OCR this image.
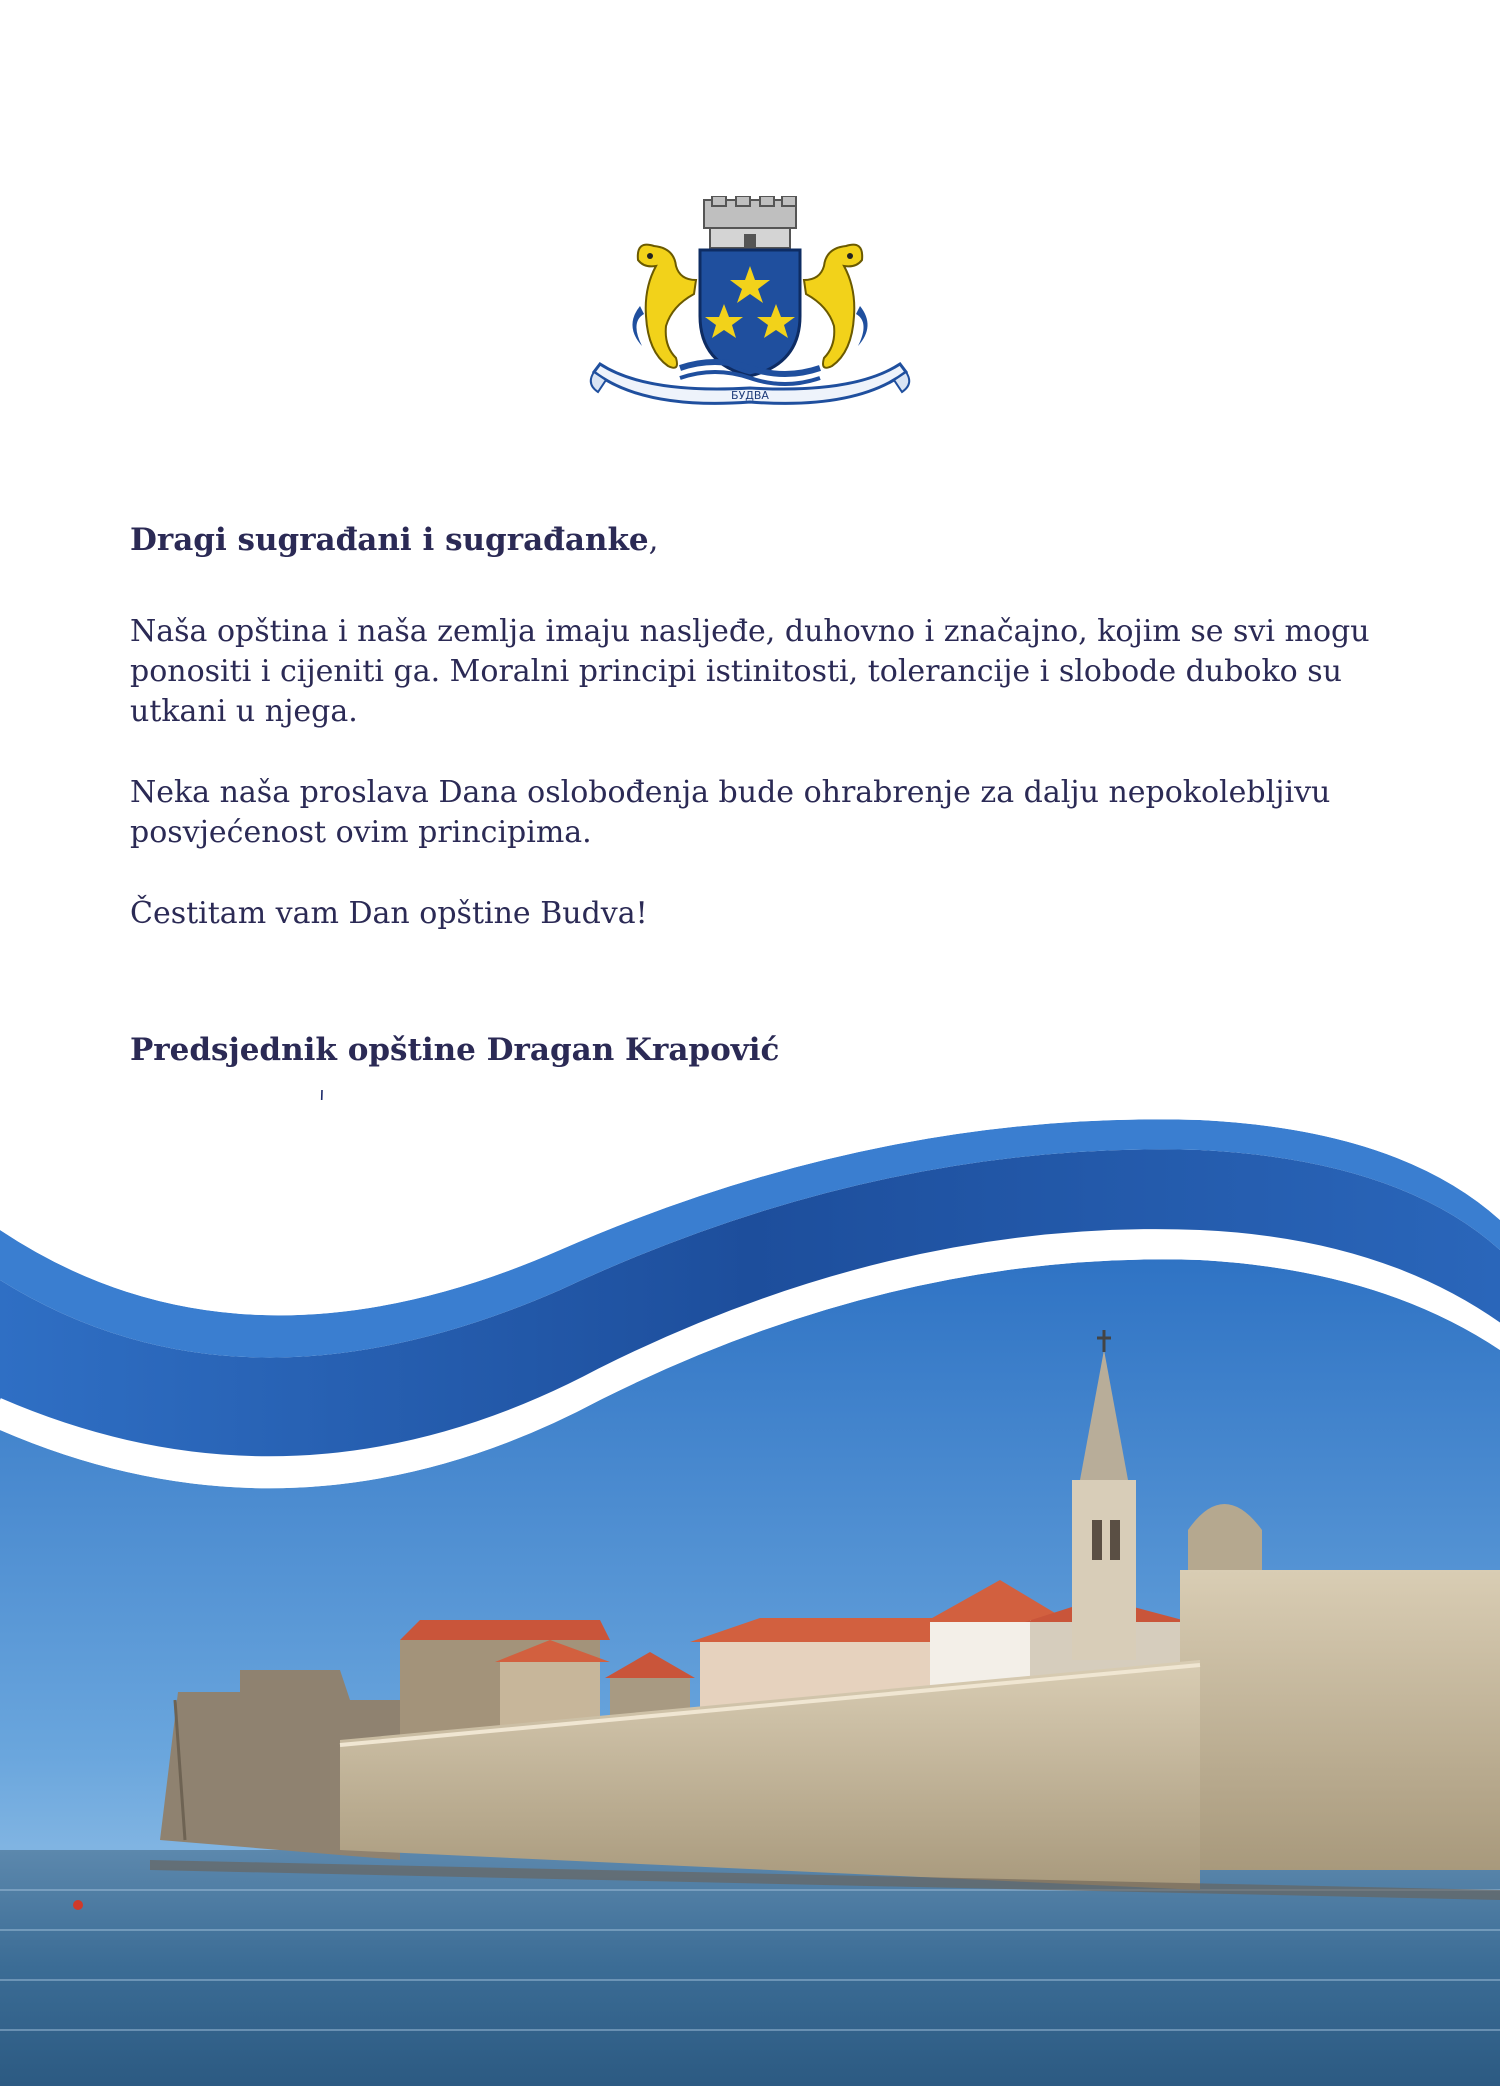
БУДВА

Dragi sugrađani i sugrađanke,

Naša opština i naša zemlja imaju nasljeđe, duhovno i značajno, kojim se svi mogu ponositi i cijeniti ga. Moralni principi istinitosti, tolerancije i slobode duboko su utkani u njega.

Neka naša proslava Dana oslobođenja bude ohrabrenje za dalju nepokolebljivu posvjećenost ovim principima.

Čestitam vam Dan opštine Budva!

Predsjednik opštine Dragan Krapović
